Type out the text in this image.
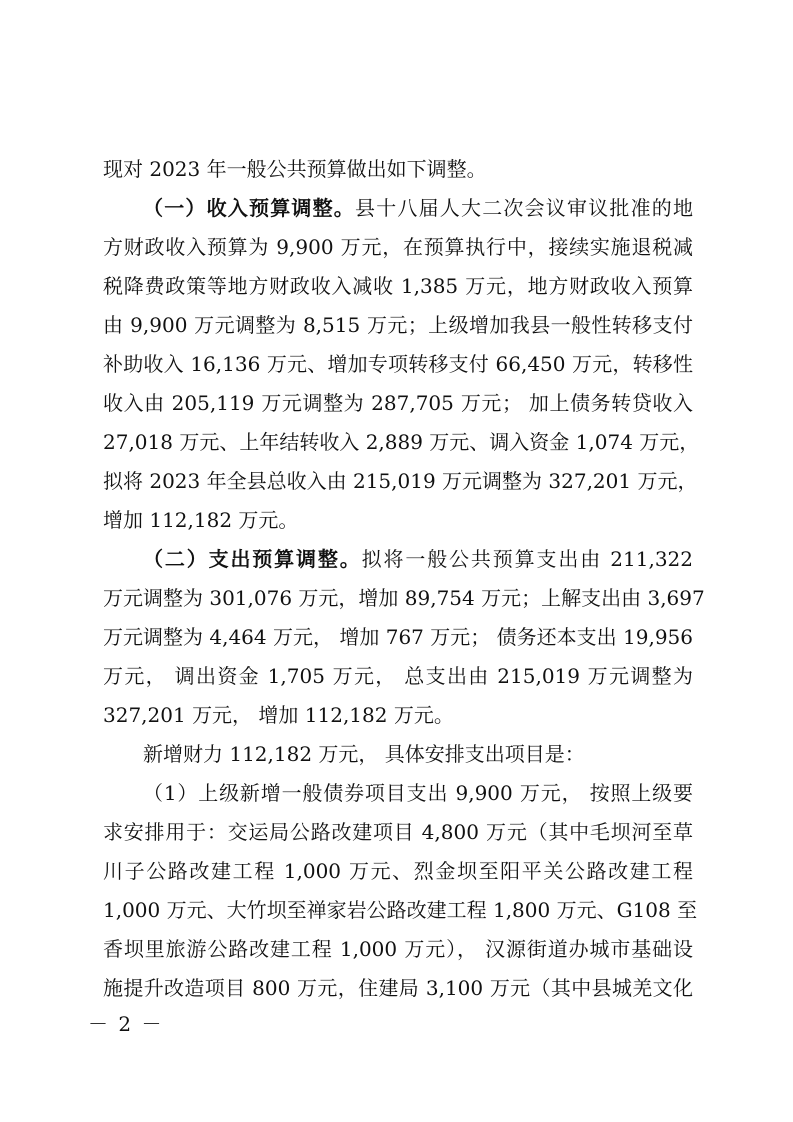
现对 2023 年一般公共预算做出如下调整。
（一）收入预算调整。县十八届人大二次会议审议批准的地
方财政收入预算为 9,900 万元，在预算执行中，接续实施退税减
税降费政策等地方财政收入减收 1,385 万元，地方财政收入预算
由 9,900 万元调整为 8,515 万元；上级增加我县一般性转移支付
补助收入 16,136 万元、增加专项转移支付 66,450 万元，转移性
收入由 205,119 万元调整为 287,705 万元； 加上债务转贷收入
27,018 万元、上年结转收入 2,889 万元、调入资金 1,074 万元，
拟将 2023 年全县总收入由 215,019 万元调整为 327,201 万元，
增加 112,182 万元。
（二）支出预算调整。拟将一般公共预算支出由 211,322
万元调整为 301,076 万元，增加 89,754 万元；上解支出由 3,697
万元调整为 4,464 万元， 增加 767 万元； 债务还本支出 19,956
万元， 调出资金 1,705 万元， 总支出由 215,019 万元调整为
327,201 万元， 增加 112,182 万元。
新增财力 112,182 万元， 具体安排支出项目是：
（1）上级新增一般债券项目支出 9,900 万元， 按照上级要
求安排用于：交运局公路改建项目 4,800 万元（其中毛坝河至草
川子公路改建工程 1,000 万元、烈金坝至阳平关公路改建工程
1,000 万元、大竹坝至禅家岩公路改建工程 1,800 万元、G108 至
香坝里旅游公路改建工程 1,000 万元）， 汉源街道办城市基础设
施提升改造项目 800 万元，住建局 3,100 万元（其中县城羌文化
－ 2 －
